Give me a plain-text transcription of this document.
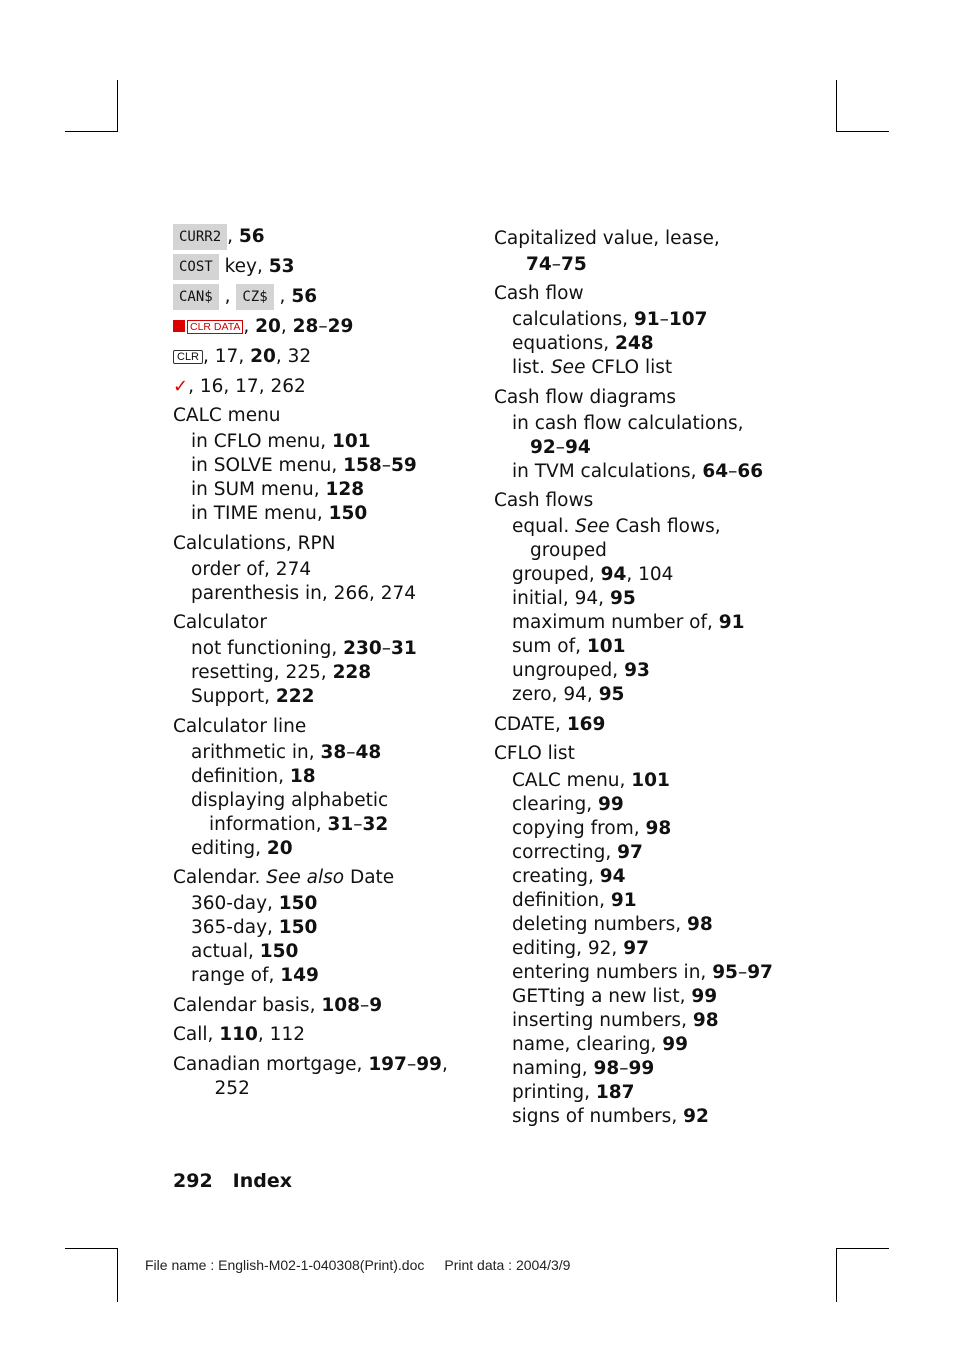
CURR2 , 56
COST key, 53
CAN$ , CZ$ , 56
CLR DATA , 20, 28–29
CLR , 17, 20, 32
✓, 16, 17, 262
CALC menu
in CFLO menu, 101
in SOLVE menu, 158–59
in SUM menu, 128
in TIME menu, 150
Calculations, RPN
order of, 274
parenthesis in, 266, 274
Calculator
not functioning, 230–31
resetting, 225, 228
Support, 222
Calculator line
arithmetic in, 38–48
definition, 18
displaying alphabetic
information, 31–32
editing, 20
Calendar. See also Date
360-day, 150
365-day, 150
actual, 150
range of, 149
Calendar basis, 108–9
Call, 110, 112
Canadian mortgage, 197–99,
252
Capitalized value, lease,
74–75
Cash flow
calculations, 91–107
equations, 248
list. See CFLO list
Cash flow diagrams
in cash flow calculations,
92–94
in TVM calculations, 64–66
Cash flows
equal. See Cash flows,
grouped
grouped, 94, 104
initial, 94, 95
maximum number of, 91
sum of, 101
ungrouped, 93
zero, 94, 95
CDATE, 169
CFLO list
CALC menu, 101
clearing, 99
copying from, 98
correcting, 97
creating, 94
definition, 91
deleting numbers, 98
editing, 92, 97
entering numbers in, 95–97
GETting a new list, 99
inserting numbers, 98
name, clearing, 99
naming, 98–99
printing, 187
signs of numbers, 92
292 Index
File name : English-M02-1-040308(Print).doc Print data : 2004/3/9
